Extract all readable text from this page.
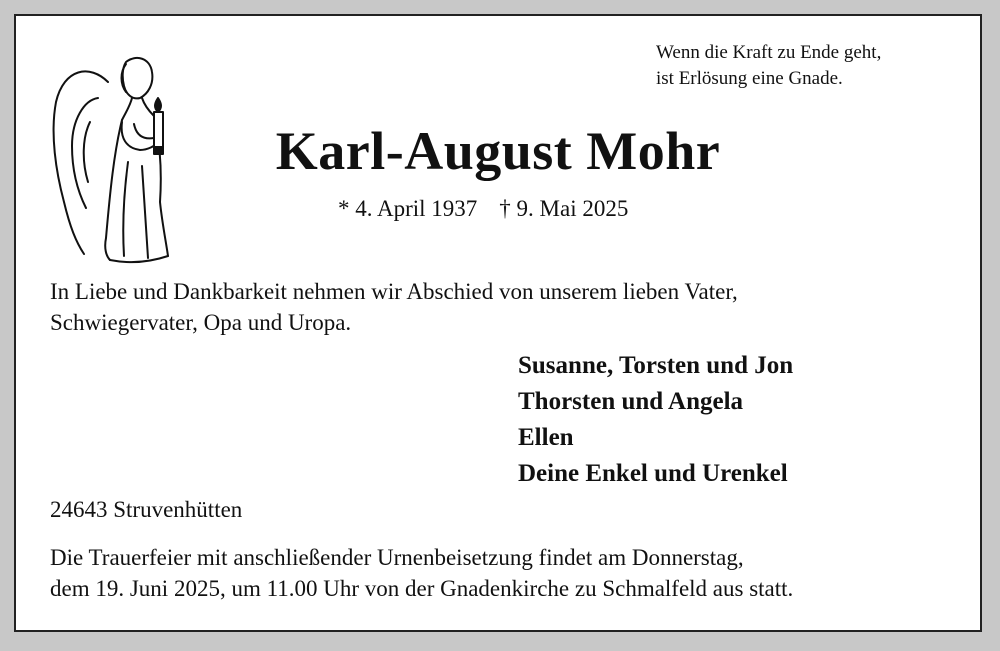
Wenn die Kraft zu Ende geht,
ist Erlösung eine Gnade.
Karl-August Mohr
* 4. April 1937 † 9. Mai 2025
In Liebe und Dankbarkeit nehmen wir Abschied von unserem lieben Vater,
Schwiegervater, Opa und Uropa.
Susanne, Torsten und Jon
Thorsten und Angela
Ellen
Deine Enkel und Urenkel
24643 Struvenhütten
Die Trauerfeier mit anschließender Urnenbeisetzung findet am Donnerstag,
dem 19. Juni 2025, um 11.00 Uhr von der Gnadenkirche zu Schmalfeld aus statt.
